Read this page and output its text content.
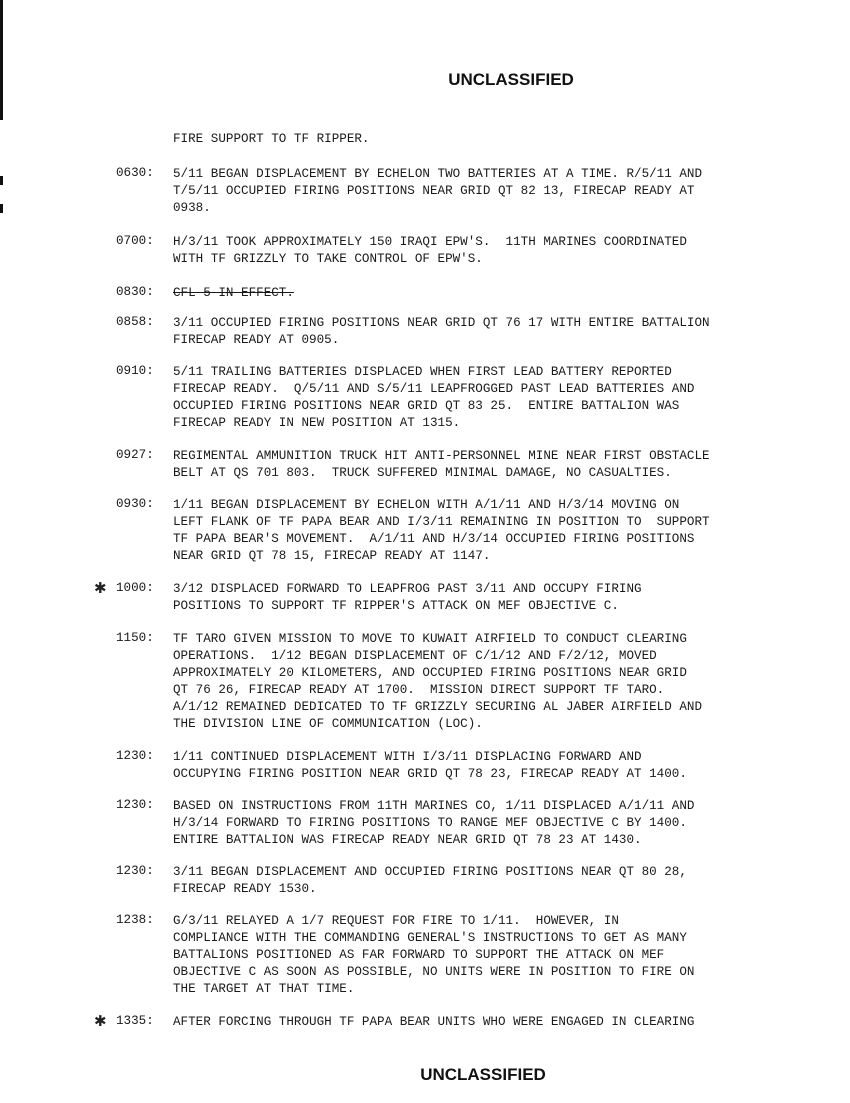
UNCLASSIFIED
FIRE SUPPORT TO TF RIPPER.
0630: 5/11 BEGAN DISPLACEMENT BY ECHELON TWO BATTERIES AT A TIME. R/5/11 AND
T/5/11 OCCUPIED FIRING POSITIONS NEAR GRID QT 82 13, FIRECAP READY AT
0938.
0700: H/3/11 TOOK APPROXIMATELY 150 IRAQI EPW'S.  11TH MARINES COORDINATED
WITH TF GRIZZLY TO TAKE CONTROL OF EPW'S.
0830: CFL 5 IN EFFECT.
0858: 3/11 OCCUPIED FIRING POSITIONS NEAR GRID QT 76 17 WITH ENTIRE BATTALION
FIRECAP READY AT 0905.
0910: 5/11 TRAILING BATTERIES DISPLACED WHEN FIRST LEAD BATTERY REPORTED
FIRECAP READY.  Q/5/11 AND S/5/11 LEAPFROGGED PAST LEAD BATTERIES AND
OCCUPIED FIRING POSITIONS NEAR GRID QT 83 25.  ENTIRE BATTALION WAS
FIRECAP READY IN NEW POSITION AT 1315.
0927: REGIMENTAL AMMUNITION TRUCK HIT ANTI-PERSONNEL MINE NEAR FIRST OBSTACLE
BELT AT QS 701 803.  TRUCK SUFFERED MINIMAL DAMAGE, NO CASUALTIES.
0930: 1/11 BEGAN DISPLACEMENT BY ECHELON WITH A/1/11 AND H/3/14 MOVING ON
LEFT FLANK OF TF PAPA BEAR AND I/3/11 REMAINING IN POSITION TO  SUPPORT
TF PAPA BEAR'S MOVEMENT.  A/1/11 AND H/3/14 OCCUPIED FIRING POSITIONS
NEAR GRID QT 78 15, FIRECAP READY AT 1147.
✱ 1000: 3/12 DISPLACED FORWARD TO LEAPFROG PAST 3/11 AND OCCUPY FIRING
POSITIONS TO SUPPORT TF RIPPER'S ATTACK ON MEF OBJECTIVE C.
1150: TF TARO GIVEN MISSION TO MOVE TO KUWAIT AIRFIELD TO CONDUCT CLEARING
OPERATIONS.  1/12 BEGAN DISPLACEMENT OF C/1/12 AND F/2/12, MOVED
APPROXIMATELY 20 KILOMETERS, AND OCCUPIED FIRING POSITIONS NEAR GRID
QT 76 26, FIRECAP READY AT 1700.  MISSION DIRECT SUPPORT TF TARO.
A/1/12 REMAINED DEDICATED TO TF GRIZZLY SECURING AL JABER AIRFIELD AND
THE DIVISION LINE OF COMMUNICATION (LOC).
1230: 1/11 CONTINUED DISPLACEMENT WITH I/3/11 DISPLACING FORWARD AND
OCCUPYING FIRING POSITION NEAR GRID QT 78 23, FIRECAP READY AT 1400.
1230: BASED ON INSTRUCTIONS FROM 11TH MARINES CO, 1/11 DISPLACED A/1/11 AND
H/3/14 FORWARD TO FIRING POSITIONS TO RANGE MEF OBJECTIVE C BY 1400.
ENTIRE BATTALION WAS FIRECAP READY NEAR GRID QT 78 23 AT 1430.
1230: 3/11 BEGAN DISPLACEMENT AND OCCUPIED FIRING POSITIONS NEAR QT 80 28,
FIRECAP READY 1530.
1238: G/3/11 RELAYED A 1/7 REQUEST FOR FIRE TO 1/11.  HOWEVER, IN
COMPLIANCE WITH THE COMMANDING GENERAL'S INSTRUCTIONS TO GET AS MANY
BATTALIONS POSITIONED AS FAR FORWARD TO SUPPORT THE ATTACK ON MEF
OBJECTIVE C AS SOON AS POSSIBLE, NO UNITS WERE IN POSITION TO FIRE ON
THE TARGET AT THAT TIME.
✱ 1335: AFTER FORCING THROUGH TF PAPA BEAR UNITS WHO WERE ENGAGED IN CLEARING
UNCLASSIFIED
